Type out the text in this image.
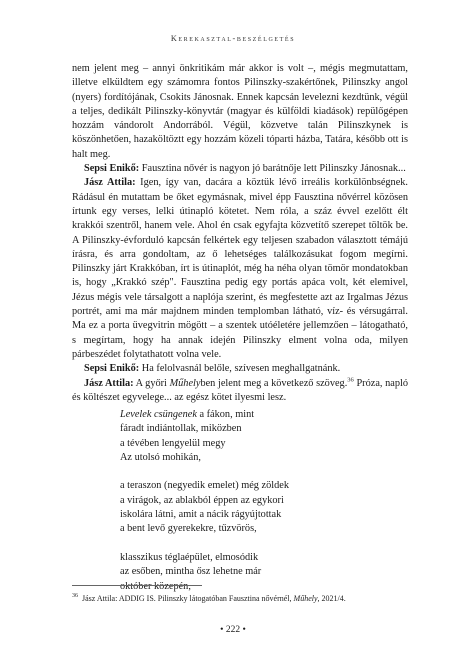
Kerekasztal-beszélgetés

nem jelent meg – annyi önkritikám már akkor is volt –, mégis megmutattam, illetve elküldtem egy számomra fontos Pilinszky-szakértőnek, Pilinszky angol (nyers) fordítójának, Csokits Jánosnak. Ennek kapcsán levelezni kezdtünk, végül a teljes, dedikált Pilinszky-könyvtár (magyar és külföldi kiadások) repülőgépen hozzám vándorolt Andorrából. Végül, közvetve talán Pilinszkynek is köszönhetően, hazaköltöztt egy hozzám közeli tóparti házba, Tatára, később ott is halt meg.

Sepsi Enikő: Fausztina nővér is nagyon jó barátnője lett Pilinszky Jánosnak...

Jász Attila: Igen, így van, dacára a köztük lévő irreális korkülönbségnek. Rádásul én mutattam be őket egymásnak, mivel épp Fausztina nővérrel közösen írtunk egy verses, lelki útinapló kötetet. Nem róla, a száz évvel ezelőtt élt krakkói szentről, hanem vele. Ahol én csak egyfajta közvetítő szerepet töltök be. A Pilinszky-évforduló kapcsán felkértek egy teljesen szabadon választott témájú írásra, és arra gondoltam, az ő lehetséges találkozásukat fogom megírni. Pilinszky járt Krakkóban, írt is útinaplót, még ha néha olyan tömör mondatokban is, hogy „Krakkó szép". Fausztina pedig egy portás apáca volt, két elemivel, Jézus mégis vele társalgott a naplója szerint, és megfestette azt az Irgalmas Jézus portrét, ami ma már majdnem minden templomban látható, víz- és vérsugárral. Ma ez a porta üvegvitrin mögött – a szentek utóéletére jellemzően – látogatható, s megírtam, hogy ha annak idején Pilinszky elment volna oda, milyen párbeszédet folytathatott volna vele.

Sepsi Enikő: Ha felolvasnál belőle, szívesen meghallgatnánk.

Jász Attila: A győri Műhelyben jelent meg a következő szöveg.$^{36}$ Próza, napló és költészet egyvelege... az egész kötet ilyesmi lesz.

Levelek csüngenek a fákon, mint
fáradt indiántollak, miközben
a tévében lengyelül megy
Az utolsó mohikán,
a teraszon (negyedik emelet) még zöldek
a virágok, az ablakból éppen az egykori
iskolára látni, amit a nácik rágyújtottak
a bent levő gyerekekre, tűzvörös,
klasszikus téglaépület, elmosódik
az esőben, mintha ősz lehetne már
október közepén,
$^{36}$ Jász Attila: ADDIG IS. Pilinszky látogatóban Fausztina nővérnél, Műhely, 2021/4.
• 222 •
